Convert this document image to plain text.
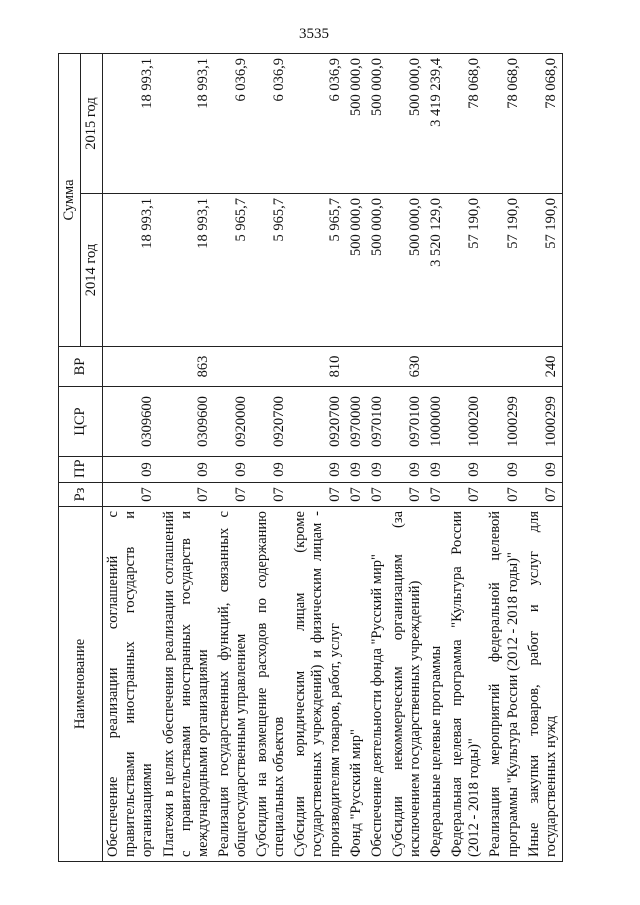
3535
Наименование	Рз	ПР	ЦСР	ВР	Сумма	
					2014 год	2015 год
Обеспечение реализации соглашений с правительствами иностранных государств и организациями	07	09	0309600		18 993,1	18 993,1
Платежи в целях обеспечения реализации соглашений с правительствами иностранных государств и международными организациями	07	09	0309600	863	18 993,1	18 993,1
Реализация государственных функций, связанных с общегосударственным управлением	07	09	0920000		5 965,7	6 036,9
Субсидии на возмещение расходов по содержанию специальных объектов	07	09	0920700		5 965,7	6 036,9
Субсидии юридическим лицам (кроме государственных учреждений) и физическим лицам - производителям товаров, работ, услуг	07	09	0920700	810	5 965,7	6 036,9
Фонд "Русский мир"	07	09	0970000		500 000,0	500 000,0
Обеспечение деятельности фонда "Русский мир"	07	09	0970100		500 000,0	500 000,0
Субсидии некоммерческим организациям (за исключением государственных учреждений)	07	09	0970100	630	500 000,0	500 000,0
Федеральные целевые программы	07	09	1000000		3 520 129,0	3 419 239,4
Федеральная целевая программа "Культура России (2012 - 2018 годы)"	07	09	1000200		57 190,0	78 068,0
Реализация мероприятий федеральной целевой программы "Культура России (2012 - 2018 годы)"	07	09	1000299		57 190,0	78 068,0
Иные закупки товаров, работ и услуг для государственных нужд	07	09	1000299	240	57 190,0	78 068,0
